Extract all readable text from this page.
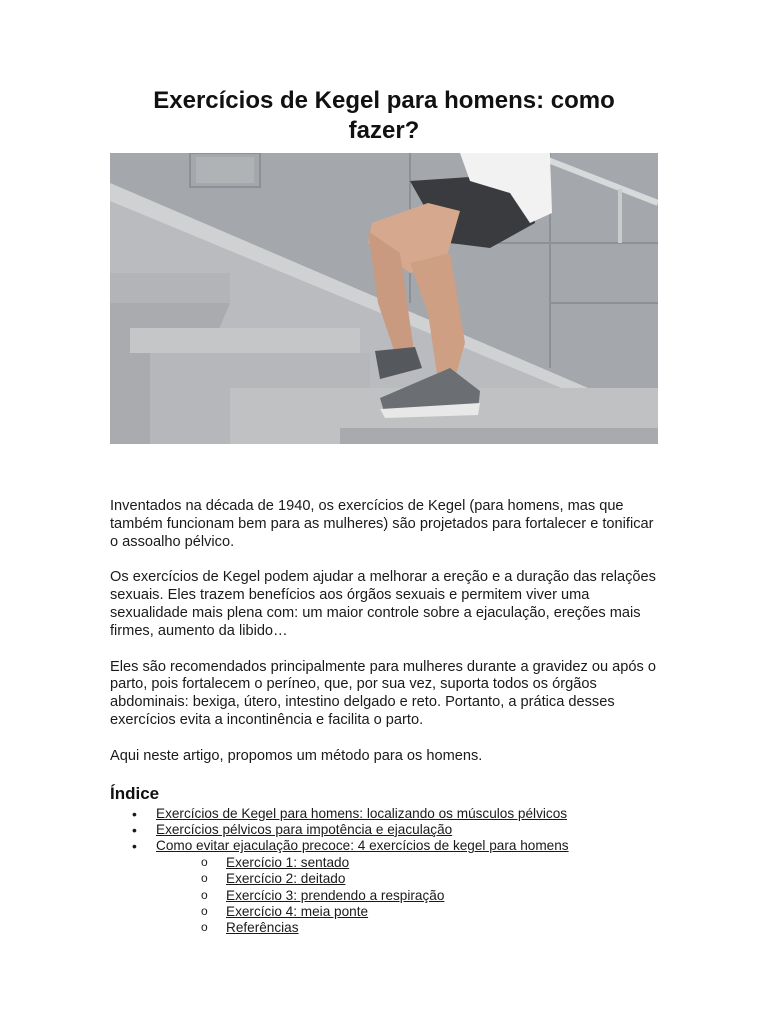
Exercícios de Kegel para homens: como fazer?

Inventados na década de 1940, os exercícios de Kegel (para homens, mas que também funcionam bem para as mulheres) são projetados para fortalecer e tonificar o assoalho pélvico.

Os exercícios de Kegel podem ajudar a melhorar a ereção e a duração das relações sexuais. Eles trazem benefícios aos órgãos sexuais e permitem viver uma sexualidade mais plena com: um maior controle sobre a ejaculação, ereções mais firmes, aumento da libido…

Eles são recomendados principalmente para mulheres durante a gravidez ou após o parto, pois fortalecem o períneo, que, por sua vez, suporta todos os órgãos abdominais: bexiga, útero, intestino delgado e reto. Portanto, a prática desses exercícios evita a incontinência e facilita o parto.

Aqui neste artigo, propomos um método para os homens.

Índice
• Exercícios de Kegel para homens: localizando os músculos pélvicos
• Exercícios pélvicos para impotência e ejaculação
• Como evitar ejaculação precoce: 4 exercícios de kegel para homens
o Exercício 1: sentado
o Exercício 2: deitado
o Exercício 3: prendendo a respiração
o Exercício 4: meia ponte
o Referências
